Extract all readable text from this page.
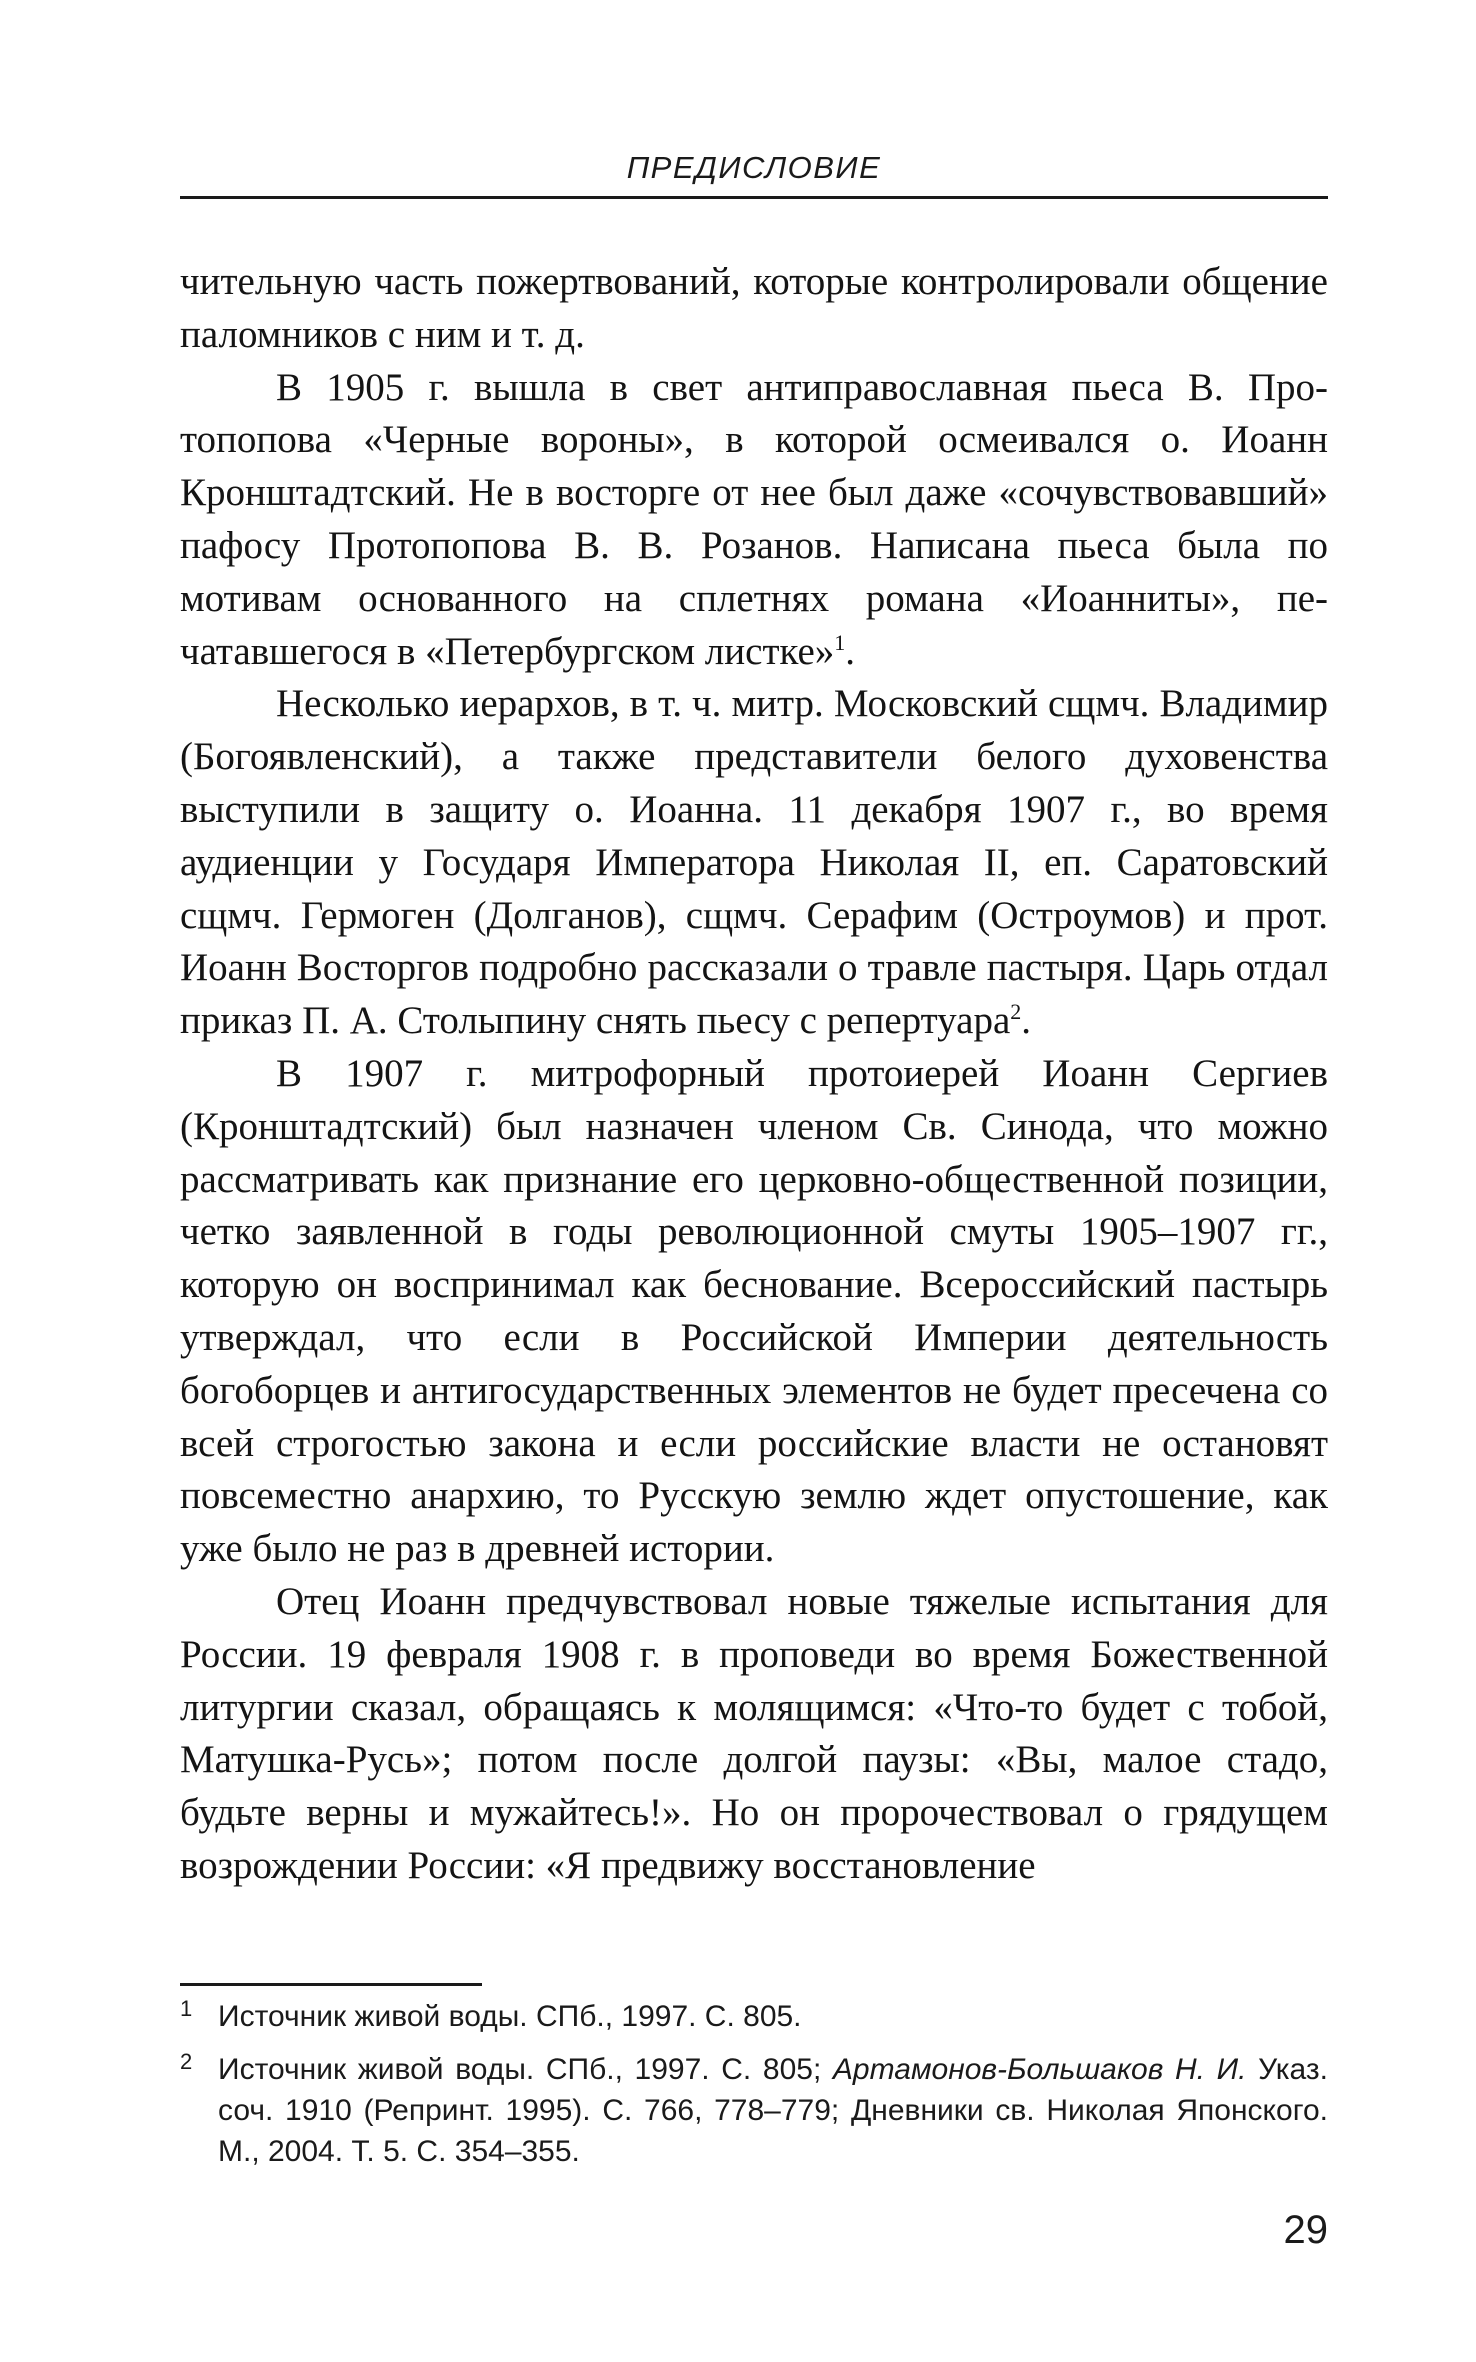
ПРЕДИСЛОВИЕ

чительную часть пожертвований, которые контролировали общение паломников с ним и т. д.

В 1905 г. вышла в свет антиправославная пьеса В. Протопопова «Черные вороны», в которой осмеивался о. Иоанн Кронштадтский. Не в восторге от нее был даже «сочувствовавший» пафосу Протопопова В. В. Розанов. Написана пьеса была по мотивам основанного на сплетнях романа «Иоанниты», печатавшегося в «Петербургском листке»$^1$.

Несколько иерархов, в т. ч. митр. Московский сщмч. Владимир (Богоявленский), а также представители белого духовенства выступили в защиту о. Иоанна. 11 декабря 1907 г., во время аудиенции у Государя Императора Николая II, еп. Саратовский сщмч. Гермоген (Долганов), сщмч. Серафим (Остроумов) и прот. Иоанн Восторгов подробно рассказали о травле пастыря. Царь отдал приказ П. А. Столыпину снять пьесу с репертуара$^2$.

В 1907 г. митрофорный протоиерей Иоанн Сергиев (Кронштадтский) был назначен членом Св. Синода, что можно рассматривать как признание его церковно-общественной позиции, четко заявленной в годы революционной смуты 1905–1907 гг., которую он воспринимал как беснование. Всероссийский пастырь утверждал, что если в Российской Империи деятельность богоборцев и антигосударственных элементов не будет пресечена со всей строгостью закона и если российские власти не остановят повсеместно анархию, то Русскую землю ждет опустошение, как уже было не раз в древней истории.

Отец Иоанн предчувствовал новые тяжелые испытания для России. 19 февраля 1908 г. в проповеди во время Божественной литургии сказал, обращаясь к молящимся: «Что-то будет с тобой, Матушка-Русь»; потом после долгой паузы: «Вы, малое стадо, будьте верны и мужайтесь!». Но он пророчествовал о грядущем возрождении России: «Я предвижу восстановление

1 Источник живой воды. СПб., 1997. С. 805.
2 Источник живой воды. СПб., 1997. С. 805; Артамонов-Большаков Н. И. Указ. соч. 1910 (Репринт. 1995). С. 766, 778–779; Дневники св. Николая Японского. М., 2004. Т. 5. С. 354–355.
29
